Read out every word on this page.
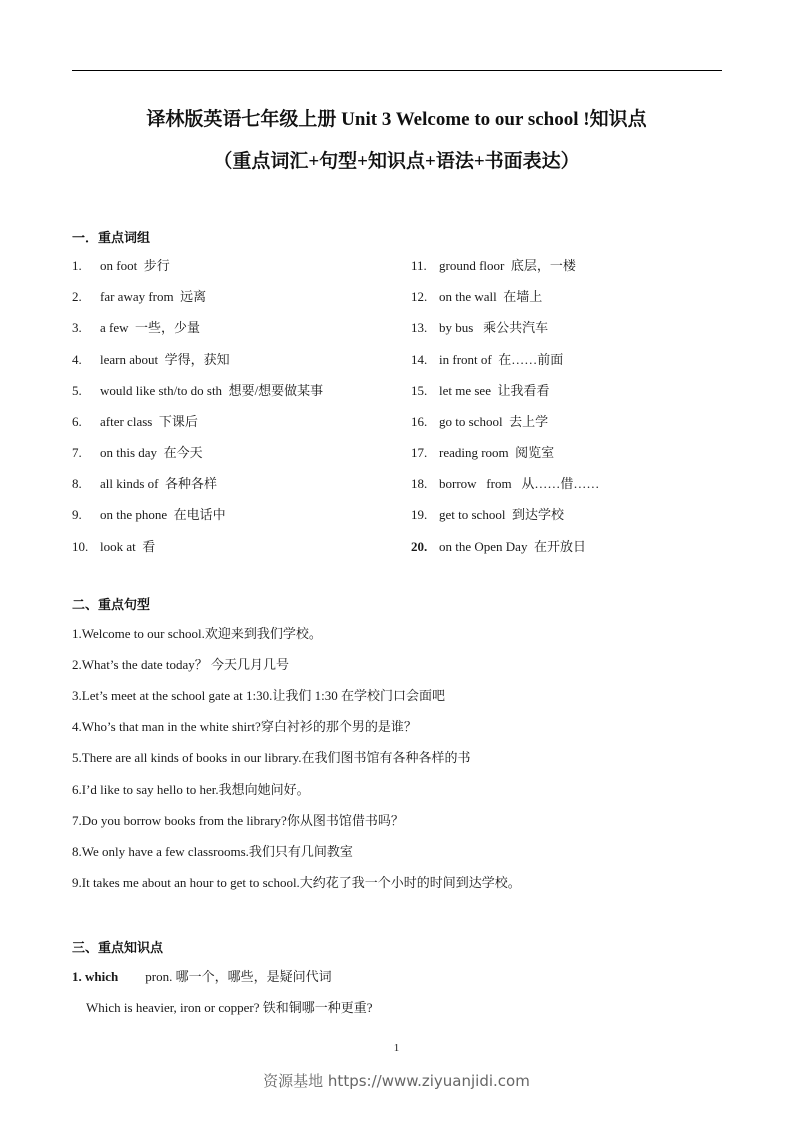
译林版英语七年级上册 Unit 3 Welcome to our school !知识点
（重点词汇+句型+知识点+语法+书面表达）
一．重点词组
1. on foot 步行
2. far away from 远离
3. a few 一些，少量
4. learn about 学得，获知
5. would like sth/to do sth 想要/想要做某事
6. after class 下课后
7. on this day 在今天
8. all kinds of 各种各样
9. on the phone 在电话中
10. look at 看
11. ground floor 底层，一楼
12. on the wall 在墙上
13. by bus   乘公共汽车
14. in front of 在……前面
15. let me see 让我看看
16. go to school 去上学
17. reading room 阅览室
18. borrow   from   从……借……
19. get to school 到达学校
20. on the Open Day 在开放日
二、重点句型
1.Welcome to our school.欢迎来到我们学校。
2.What’s the date today？ 今天几月几号
3.Let’s meet at the school gate at 1:30.让我们 1:30 在学校门口会面吧
4.Who’s that man in the white shirt?穿白衬衫的那个男的是谁？
5.There are all kinds of books in our library.在我们图书馆有各种各样的书
6.I’d like to say hello to her.我想向她问好。
7.Do you borrow books from the library?你从图书馆借书吗？
8.We only have a few classrooms.我们只有几间教室
9.It takes me about an hour to get to school.大约花了我一个小时的时间到达学校。
三、重点知识点
1. which pron. 哪一个，哪些，是疑问代词
Which is heavier, iron or copper? 铁和铜哪一种更重?
1
资源基地 https://www.ziyuanjidi.com
